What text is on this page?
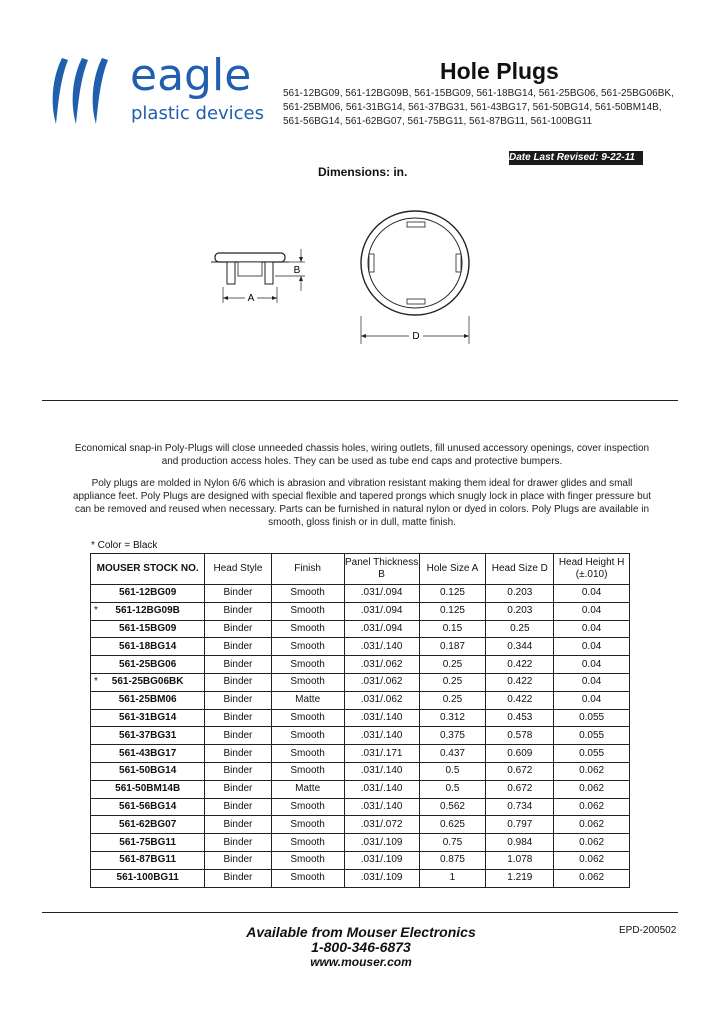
eagle
plastic devices
Hole Plugs
561-12BG09, 561-12BG09B, 561-15BG09, 561-18BG14, 561-25BG06, 561-25BG06BK, 561-25BM06, 561-31BG14, 561-37BG31, 561-43BG17, 561-50BG14, 561-50BM14B, 561-56BG14, 561-62BG07, 561-75BG11, 561-87BG11, 561-100BG11
Date Last Revised: 9-22-11
Dimensions: in.
A
B
D
Economical snap-in Poly-Plugs will close unneeded chassis holes, wiring outlets, fill unused accessory openings, cover inspection and production access holes. They can be used as tube end caps and protective bumpers.
Poly plugs are molded in Nylon 6/6 which is abrasion and vibration resistant making them ideal for drawer glides and small appliance feet. Poly Plugs are designed with special flexible and tapered prongs which snugly lock in place with finger pressure but can be removed and reused when necessary. Parts can be furnished in natural nylon or dyed in colors. Poly Plugs are available in smooth, gloss finish or in dull, matte finish.
* Color = Black
MOUSER STOCK NO.	Head Style	Finish	Panel Thickness B	Hole Size A	Head Size D	Head Height H (±.010)

561-12BG09	Binder	Smooth	.031/.094	0.125	0.203	0.04

* 561-12BG09B	Binder	Smooth	.031/.094	0.125	0.203	0.04

561-15BG09	Binder	Smooth	.031/.094	0.15	0.25	0.04

561-18BG14	Binder	Smooth	.031/.140	0.187	0.344	0.04

561-25BG06	Binder	Smooth	.031/.062	0.25	0.422	0.04

* 561-25BG06BK	Binder	Smooth	.031/.062	0.25	0.422	0.04

561-25BM06	Binder	Matte	.031/.062	0.25	0.422	0.04

561-31BG14	Binder	Smooth	.031/.140	0.312	0.453	0.055

561-37BG31	Binder	Smooth	.031/.140	0.375	0.578	0.055

561-43BG17	Binder	Smooth	.031/.171	0.437	0.609	0.055

561-50BG14	Binder	Smooth	.031/.140	0.5	0.672	0.062

561-50BM14B	Binder	Matte	.031/.140	0.5	0.672	0.062

561-56BG14	Binder	Smooth	.031/.140	0.562	0.734	0.062

561-62BG07	Binder	Smooth	.031/.072	0.625	0.797	0.062

561-75BG11	Binder	Smooth	.031/.109	0.75	0.984	0.062

561-87BG11	Binder	Smooth	.031/.109	0.875	1.078	0.062

561-100BG11	Binder	Smooth	.031/.109	1	1.219	0.062
Available from Mouser Electronics
1-800-346-6873
www.mouser.com
EPD-200502
